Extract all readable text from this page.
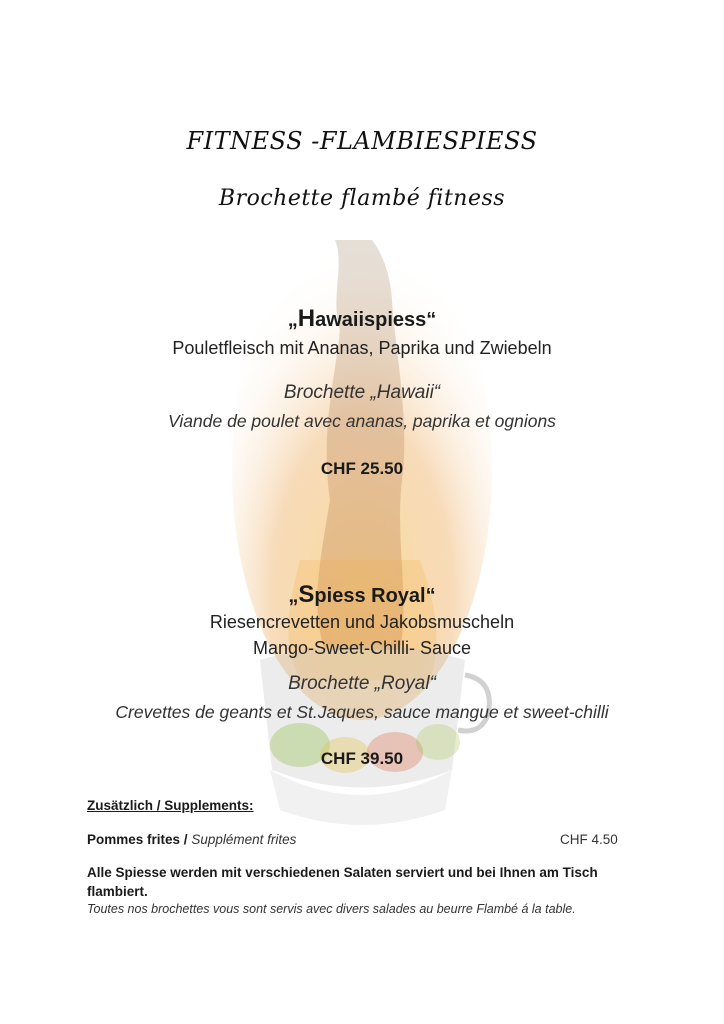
FITNESS -FLAMBIESPIESS
Brochette flambé fitness
„Hawaiispiess“
Pouletfleisch mit Ananas, Paprika und Zwiebeln
Brochette „Hawaii“
Viande de poulet avec ananas, paprika et ognions
CHF 25.50
„Spiess Royal“
Riesencrevetten und Jakobsmuscheln
Mango-Sweet-Chilli- Sauce
Brochette „Royal“
Crevettes de geants et St.Jaques, sauce mangue et sweet-chilli
CHF 39.50
Zusätzlich / Supplements:
Pommes frites / Supplément frites	CHF 4.50
Alle Spiesse werden mit verschiedenen Salaten serviert und bei Ihnen am Tisch flambiert.
Toutes nos brochettes vous sont servis avec divers salades au beurre Flambé á la table.
